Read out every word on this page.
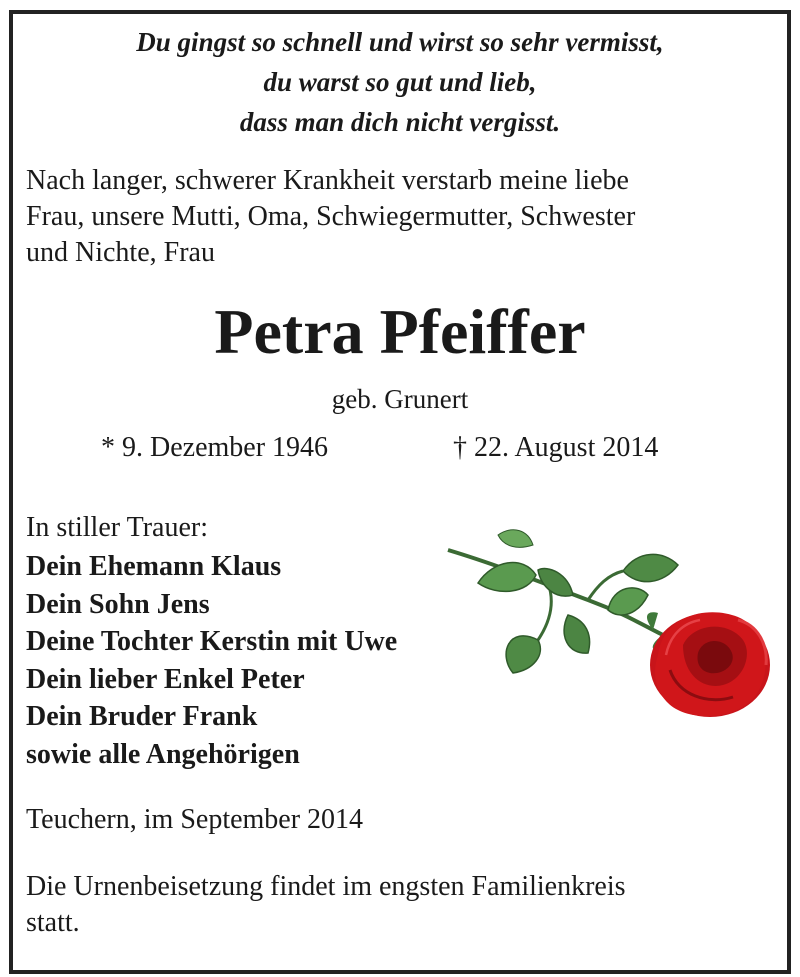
Du gingst so schnell und wirst so sehr vermisst,
du warst so gut und lieb,
dass man dich nicht vergisst.
Nach langer, schwerer Krankheit verstarb meine liebe
Frau, unsere Mutti, Oma, Schwiegermutter, Schwester
und Nichte, Frau
Petra Pfeiffer
geb. Grunert
* 9. Dezember 1946	† 22. August 2014
In stiller Trauer:
Dein Ehemann Klaus
Dein Sohn Jens
Deine Tochter Kerstin mit Uwe
Dein lieber Enkel Peter
Dein Bruder Frank
sowie alle Angehörigen
Teuchern, im September 2014
Die Urnenbeisetzung findet im engsten Familienkreis
statt.
